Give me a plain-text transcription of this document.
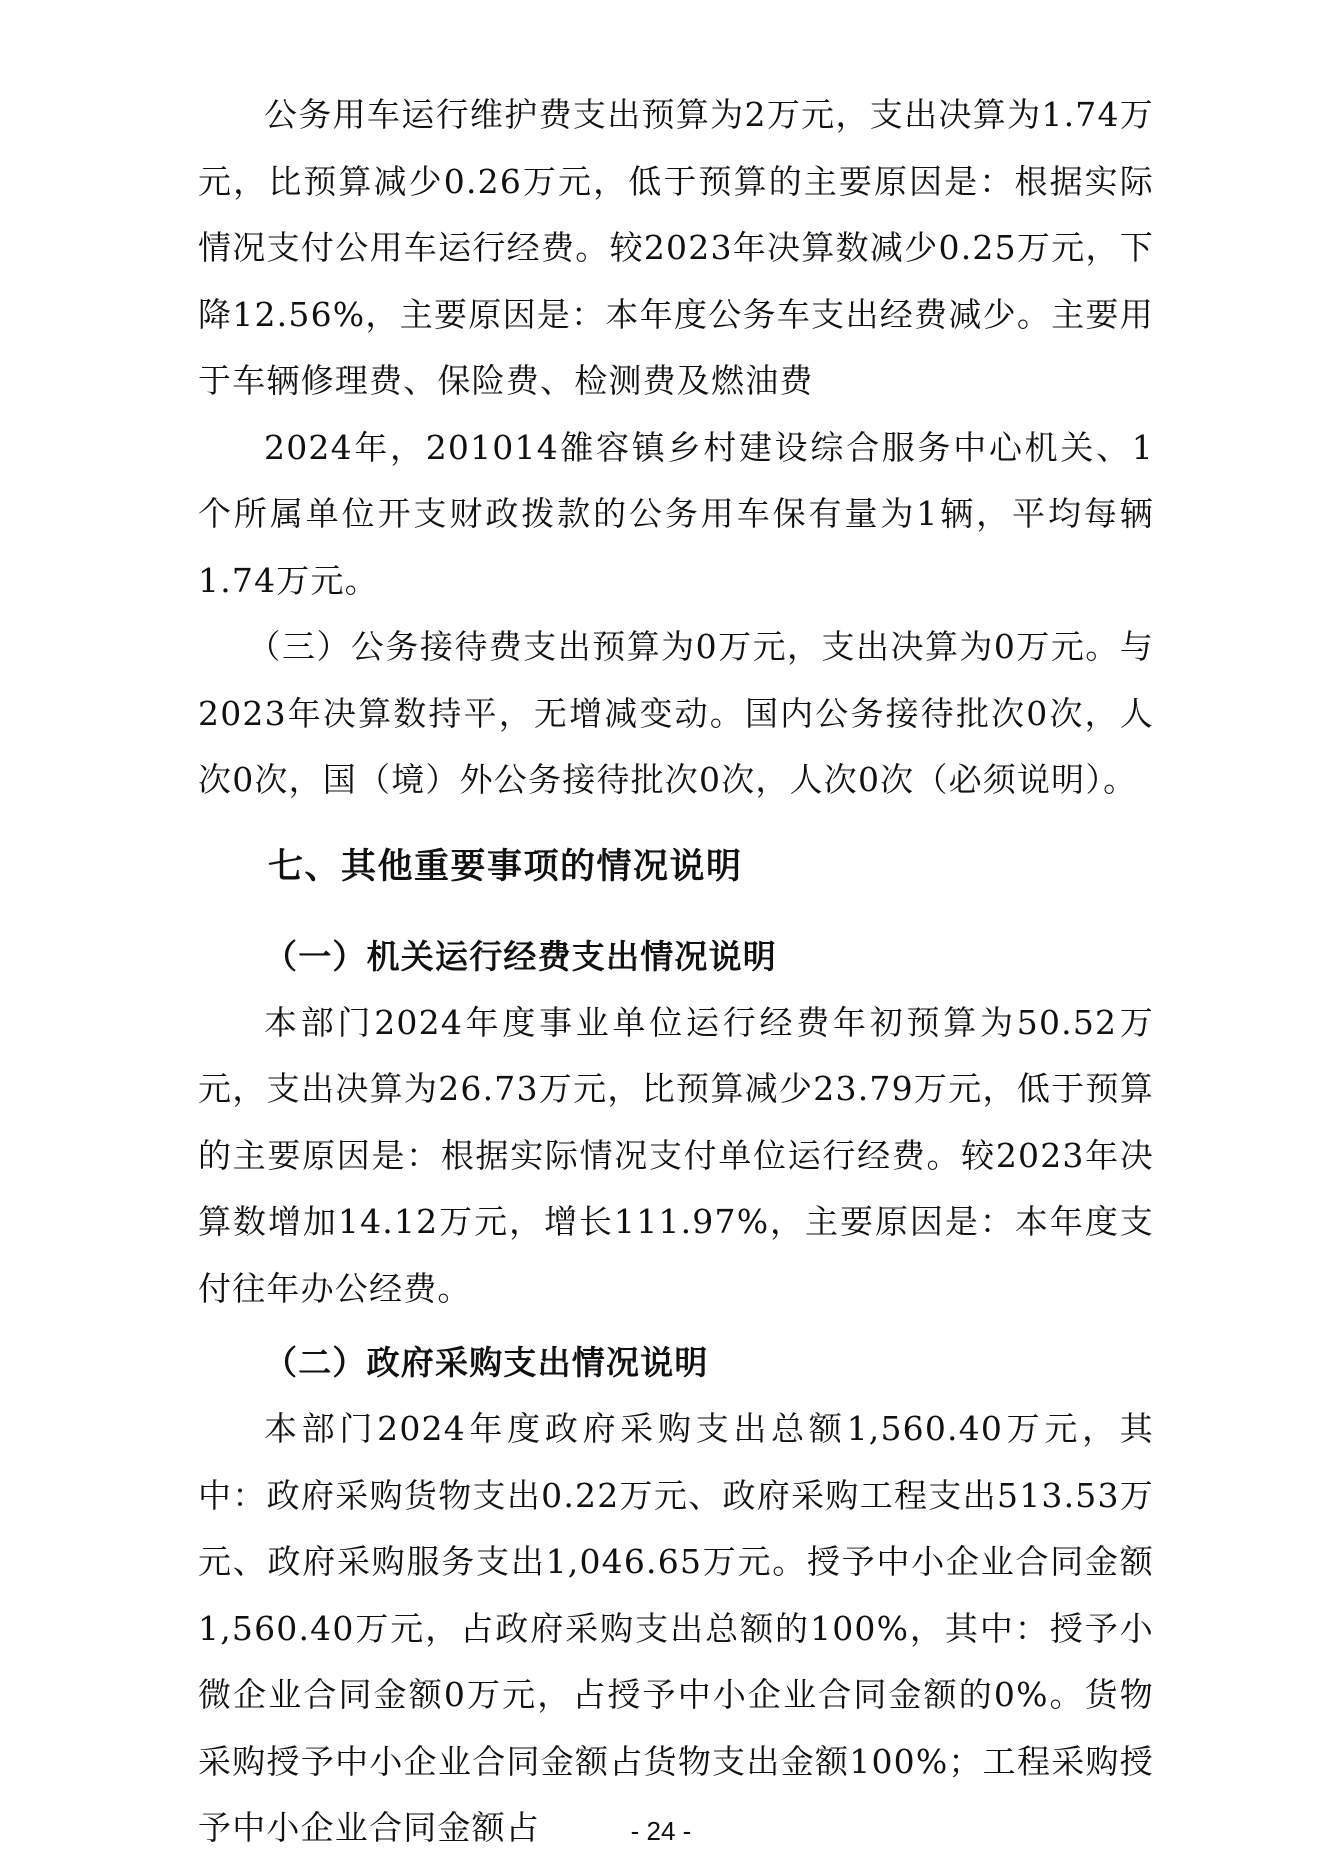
公务用车运行维护费支出预算为2万元，支出决算为1.74万元，比预算减少0.26万元，低于预算的主要原因是：根据实际情况支付公用车运行经费。较2023年决算数减少0.25万元，下降12.56%，主要原因是：本年度公务车支出经费减少。主要用于车辆修理费、保险费、检测费及燃油费

2024年，201014雒容镇乡村建设综合服务中心机关、1个所属单位开支财政拨款的公务用车保有量为1辆，平均每辆1.74万元。

（三）公务接待费支出预算为0万元，支出决算为0万元。与2023年决算数持平，无增减变动。国内公务接待批次0次，人次0次，国（境）外公务接待批次0次，人次0次（必须说明）。

七、其他重要事项的情况说明
（一）机关运行经费支出情况说明

本部门2024年度事业单位运行经费年初预算为50.52万元，支出决算为26.73万元，比预算减少23.79万元，低于预算的主要原因是：根据实际情况支付单位运行经费。较2023年决算数增加14.12万元，增长111.97%，主要原因是：本年度支付往年办公经费。

（二）政府采购支出情况说明

本部门2024年度政府采购支出总额1,560.40万元，其中：政府采购货物支出0.22万元、政府采购工程支出513.53万元、政府采购服务支出1,046.65万元。授予中小企业合同金额1,560.40万元，占政府采购支出总额的100%，其中：授予小微企业合同金额0万元，占授予中小企业合同金额的0%。货物采购授予中小企业合同金额占货物支出金额100%；工程采购授予中小企业合同金额占	- 24 -
